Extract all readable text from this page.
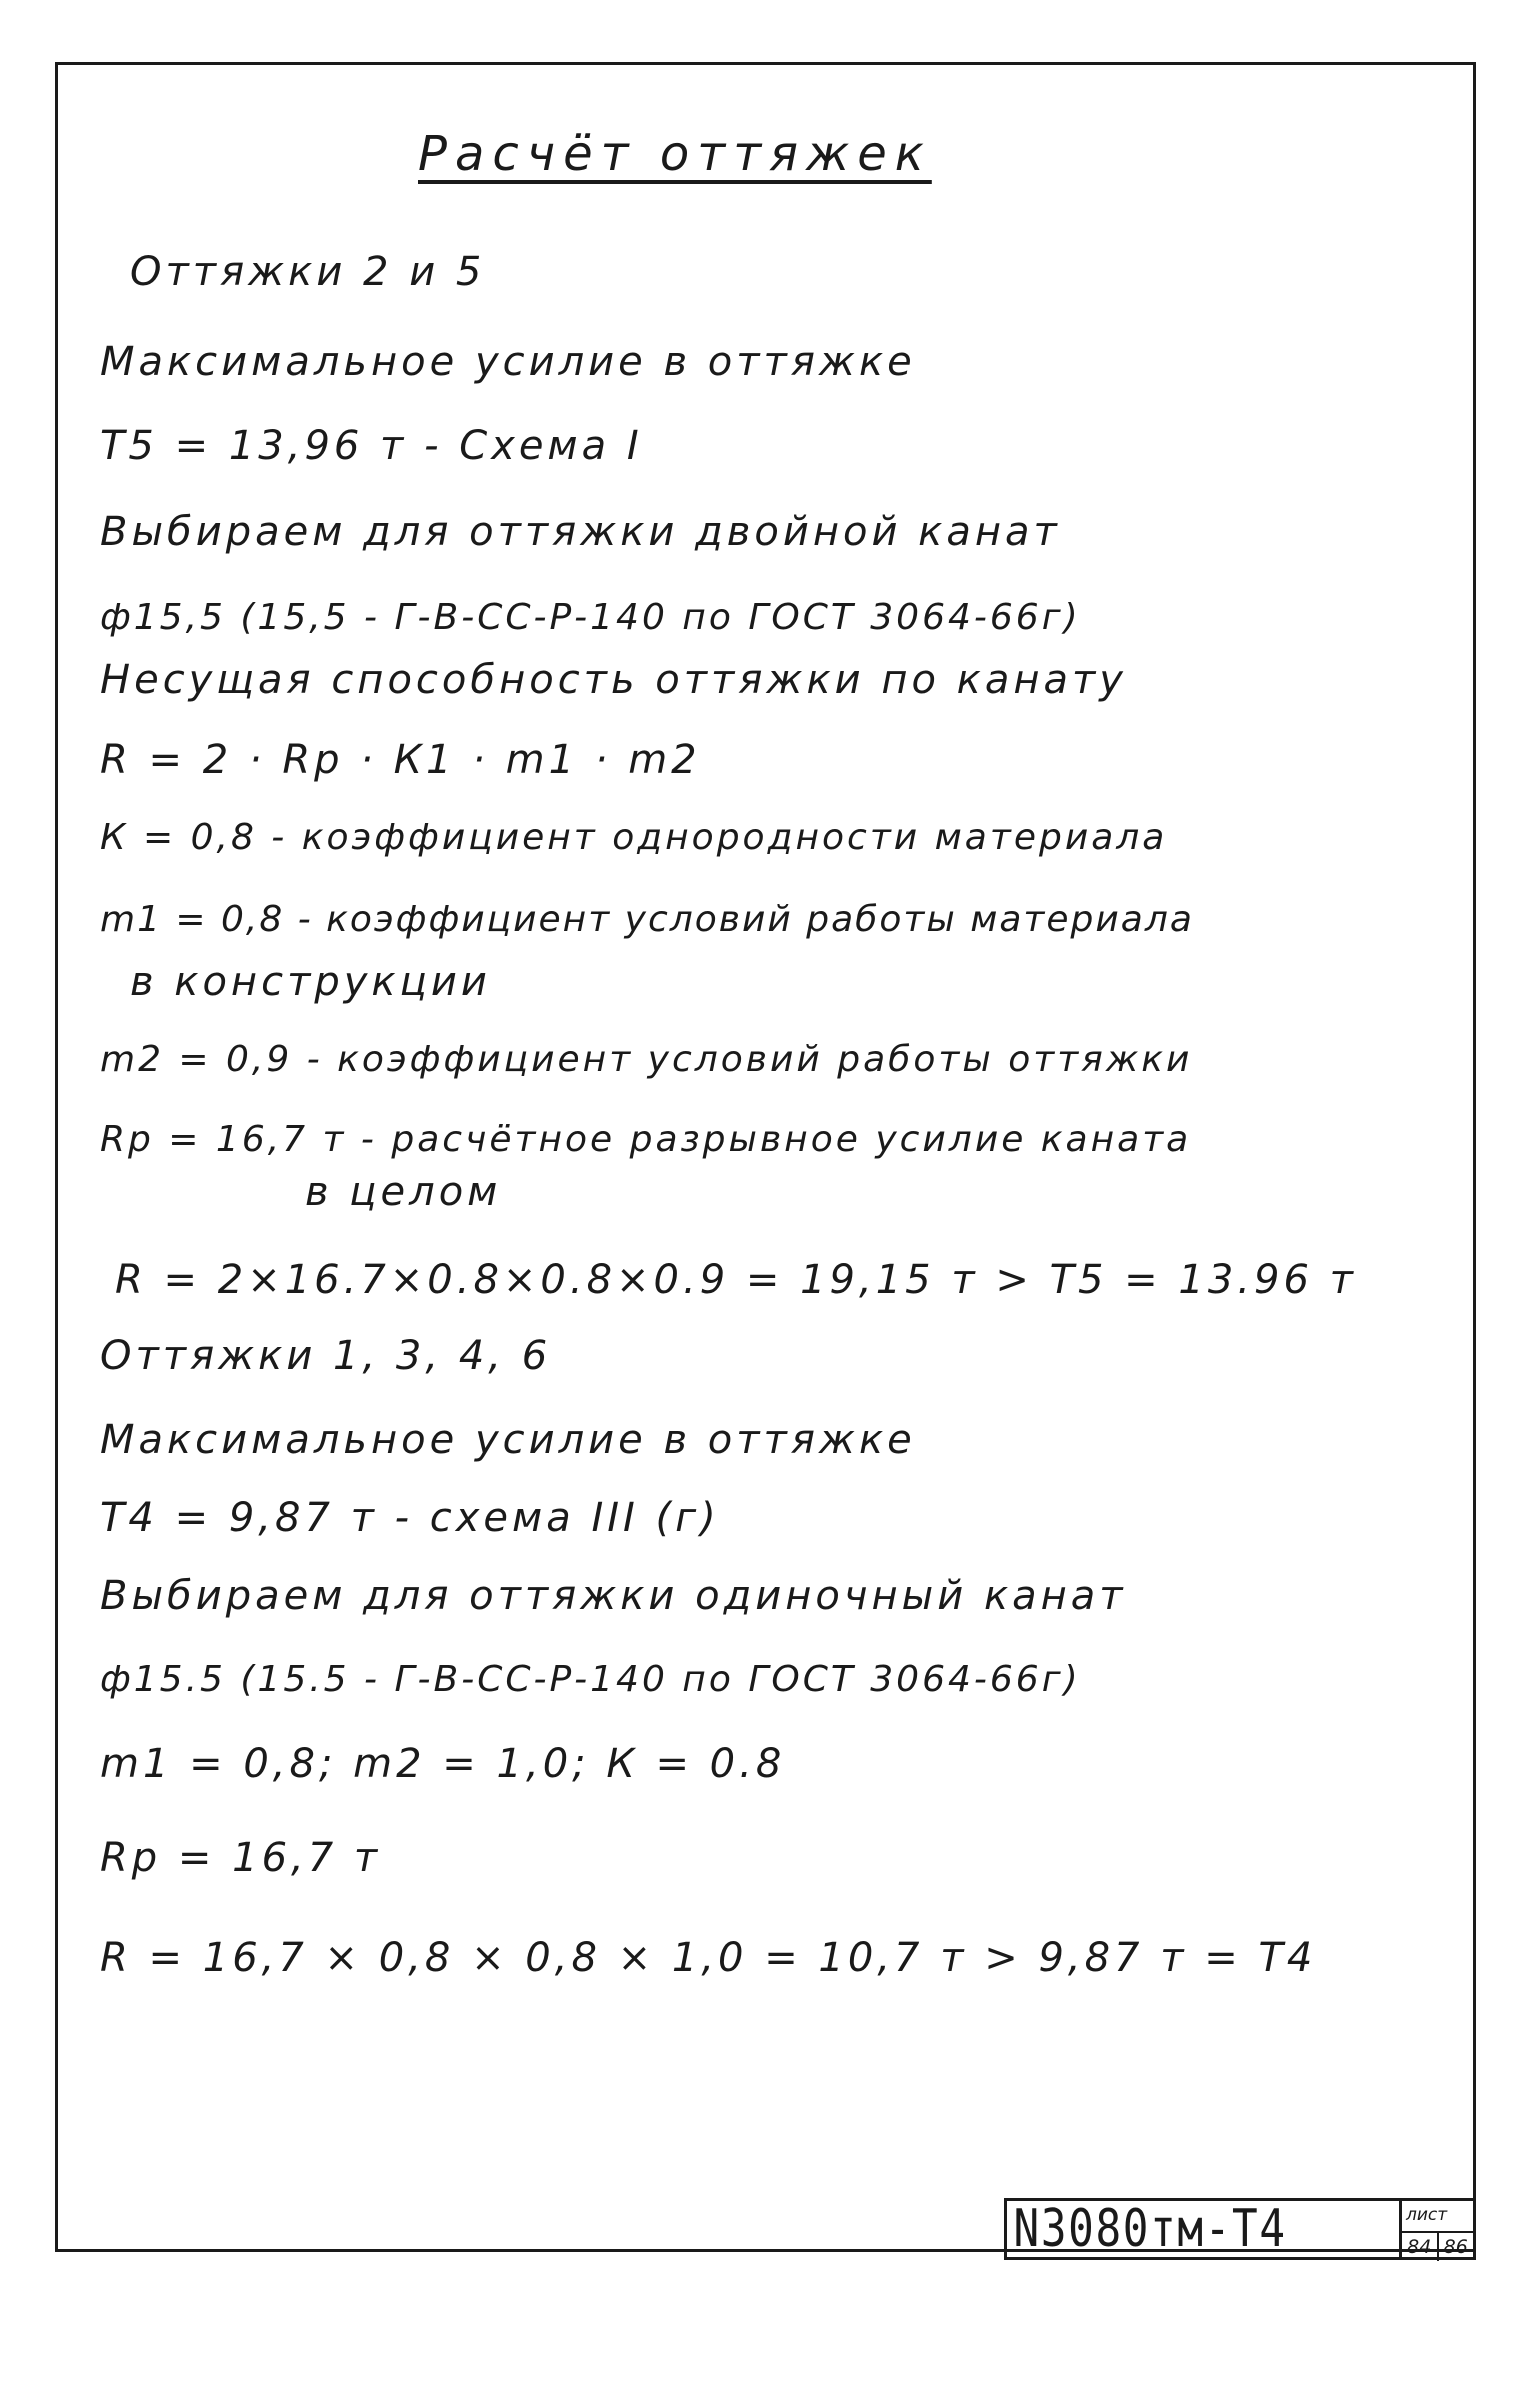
Расчёт оттяжек
Оттяжки 2 и 5
Максимальное усилие в оттяжке
T5 = 13,96 т - Схема I
Выбираем для оттяжки двойной канат
ф15,5 (15,5 - Г-В-СС-Р-140 по ГОСТ 3064-66г)
Несущая способность оттяжки по канату
R = 2 · Rр · К1 · m1 · m2
К = 0,8 - коэффициент однородности материала
m1 = 0,8 - коэффициент условий работы материала
в конструкции
m2 = 0,9 - коэффициент условий работы оттяжки
Rр = 16,7 т - расчётное разрывное усилие каната
в целом
R = 2×16.7×0.8×0.8×0.9 = 19,15 т > T5 = 13.96 т
Оттяжки 1, 3, 4, 6
Максимальное усилие в оттяжке
T4 = 9,87 т - схема III (г)
Выбираем для оттяжки одиночный канат
ф15.5 (15.5 - Г-В-СС-Р-140 по ГОСТ 3064-66г)
m1 = 0,8; m2 = 1,0; К = 0.8
Rр = 16,7 т
R = 16,7 × 0,8 × 0,8 × 1,0 = 10,7 т > 9,87 т = T4
N3080тм-Т4	лист
84 86
